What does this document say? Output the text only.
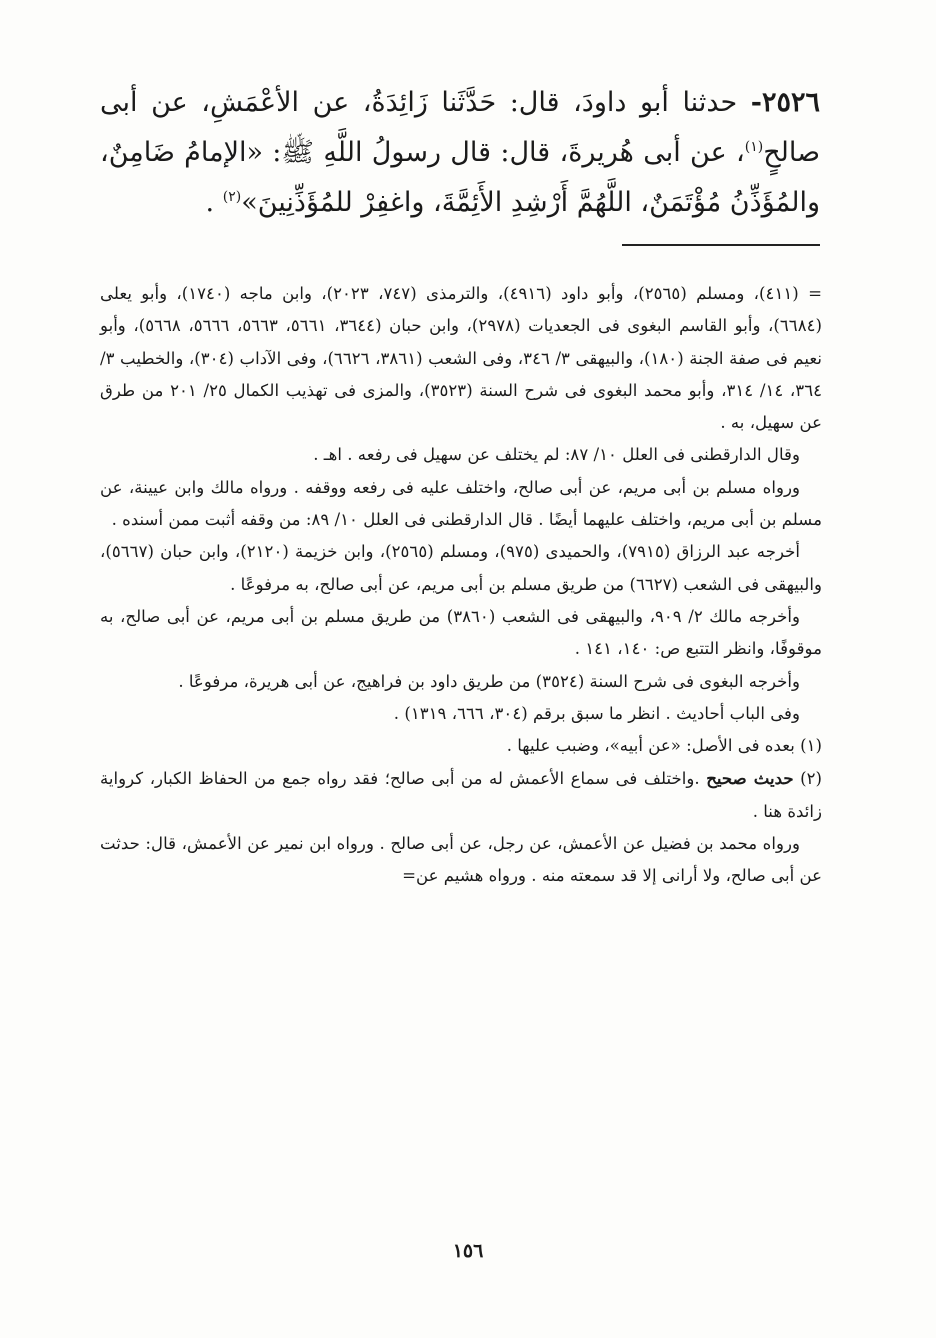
٢٥٢٦- حدثنا أبو داودَ، قال: حَدَّثَنا زَائِدَةُ، عن الأعْمَشِ، عن أبى صالحٍ$^{(١)}$، عن أبى هُريرةَ، قال: قال رسولُ اللَّهِ ﷺ: «الإمامُ ضَامِنٌ، والمُؤَذِّنُ مُؤْتَمَنٌ، اللَّهُمَّ أَرْشِدِ الأَئِمَّةَ، واغفِرْ للمُؤَذِّنِينَ»$^{(٢)}$ .

= (٤١١)، ومسلم (٢٥٦٥)، وأبو داود (٤٩١٦)، والترمذى (٧٤٧، ٢٠٢٣)، وابن ماجه (١٧٤٠)، وأبو يعلى (٦٦٨٤)، وأبو القاسم البغوى فى الجعديات (٢٩٧٨)، وابن حبان (٣٦٤٤، ٥٦٦١، ٥٦٦٣، ٥٦٦٦، ٥٦٦٨)، وأبو نعيم فى صفة الجنة (١٨٠)، والبيهقى ٣/ ٣٤٦، وفى الشعب (٣٨٦١، ٦٦٢٦)، وفى الآداب (٣٠٤)، والخطيب ٣/ ٣٦٤، ١٤/ ٣١٤، وأبو محمد البغوى فى شرح السنة (٣٥٢٣)، والمزى فى تهذيب الكمال ٢٥/ ٢٠١ من طرق عن سهيل، به .

وقال الدارقطنى فى العلل ١٠/ ٨٧: لم يختلف عن سهيل فى رفعه . اهـ .

ورواه مسلم بن أبى مريم، عن أبى صالح، واختلف عليه فى رفعه ووقفه . ورواه مالك وابن عيينة، عن مسلم بن أبى مريم، واختلف عليهما أيضًا . قال الدارقطنى فى العلل ١٠/ ٨٩: من وقفه أثبت ممن أسنده .

أخرجه عبد الرزاق (٧٩١٥)، والحميدى (٩٧٥)، ومسلم (٢٥٦٥)، وابن خزيمة (٢١٢٠)، وابن حبان (٥٦٦٧)، والبيهقى فى الشعب (٦٦٢٧) من طريق مسلم بن أبى مريم، عن أبى صالح، به مرفوعًا .

وأخرجه مالك ٢/ ٩٠٩، والبيهقى فى الشعب (٣٨٦٠) من طريق مسلم بن أبى مريم، عن أبى صالح، به موقوفًا، وانظر التتبع ص: ١٤٠، ١٤١ .

وأخرجه البغوى فى شرح السنة (٣٥٢٤) من طريق داود بن فراهيج، عن أبى هريرة، مرفوعًا .

وفى الباب أحاديث . انظر ما سبق برقم (٣٠٤، ٦٦٦، ١٣١٩) .

(١) بعده فى الأصل: «عن أبيه»، وضبب عليها .

(٢) حديث صحيح .واختلف فى سماع الأعمش له من أبى صالح؛ فقد رواه جمع من الحفاظ الكبار، كرواية زائدة هنا .

ورواه محمد بن فضيل عن الأعمش، عن رجل، عن أبى صالح . ورواه ابن نمير عن الأعمش، قال: حدثت عن أبى صالح، ولا أرانى إلا قد سمعته منه . ورواه هشيم عن=

١٥٦
